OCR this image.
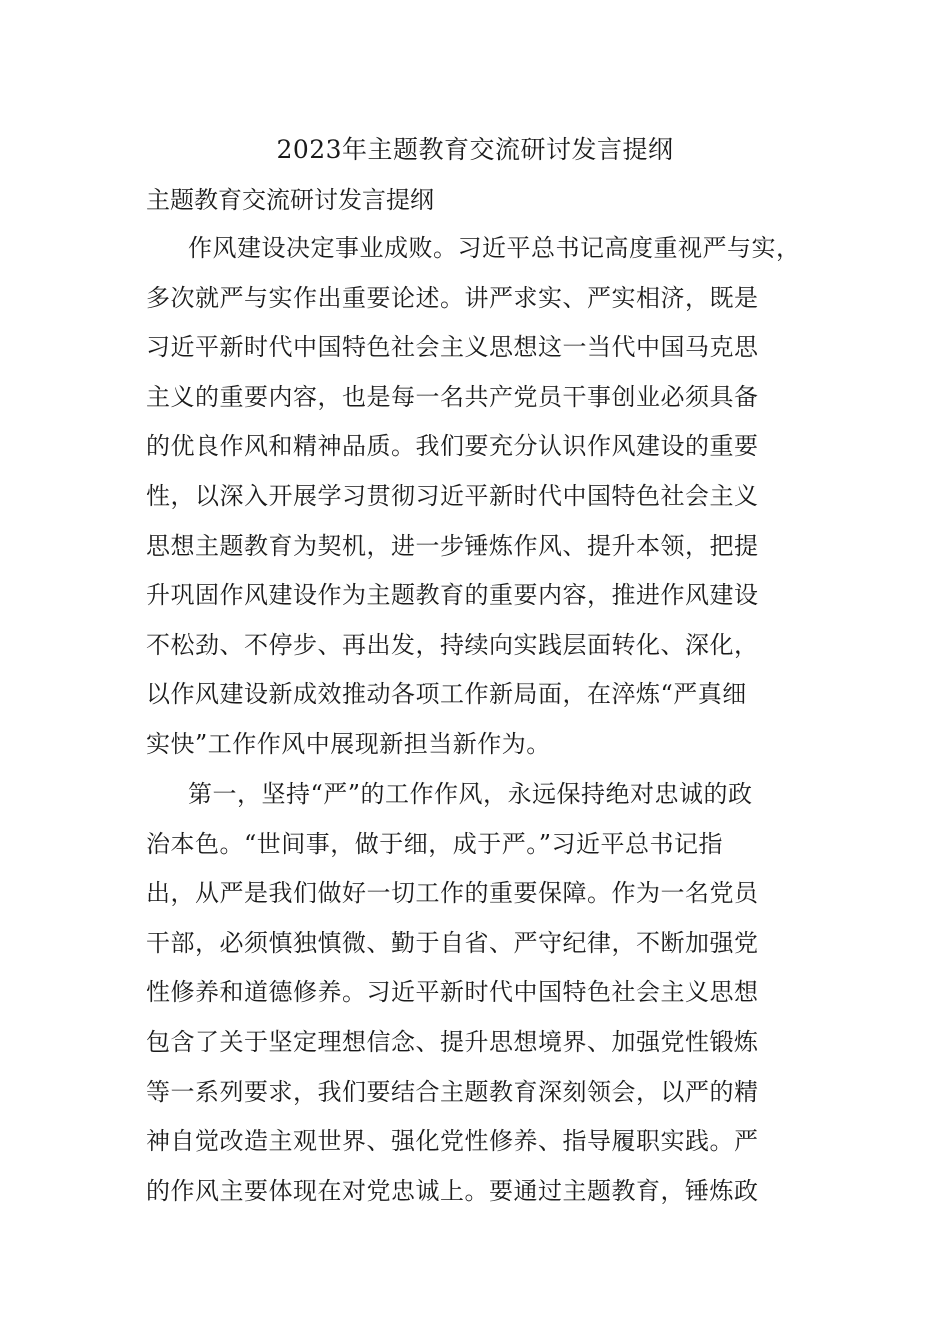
2023年主题教育交流研讨发言提纲
主题教育交流研讨发言提纲
作风建设决定事业成败。习近平总书记高度重视严与实，
多次就严与实作出重要论述。讲严求实、严实相济，既是
习近平新时代中国特色社会主义思想这一当代中国马克思
主义的重要内容，也是每一名共产党员干事创业必须具备
的优良作风和精神品质。我们要充分认识作风建设的重要
性，以深入开展学习贯彻习近平新时代中国特色社会主义
思想主题教育为契机，进一步锤炼作风、提升本领，把提
升巩固作风建设作为主题教育的重要内容，推进作风建设
不松劲、不停步、再出发，持续向实践层面转化、深化，
以作风建设新成效推动各项工作新局面，在淬炼“严真细
实快”工作作风中展现新担当新作为。
第一，坚持“严”的工作作风，永远保持绝对忠诚的政
治本色。“世间事，做于细，成于严。”习近平总书记指
出，从严是我们做好一切工作的重要保障。作为一名党员
干部，必须慎独慎微、勤于自省、严守纪律，不断加强党
性修养和道德修养。习近平新时代中国特色社会主义思想
包含了关于坚定理想信念、提升思想境界、加强党性锻炼
等一系列要求，我们要结合主题教育深刻领会，以严的精
神自觉改造主观世界、强化党性修养、指导履职实践。严
的作风主要体现在对党忠诚上。要通过主题教育，锤炼政
